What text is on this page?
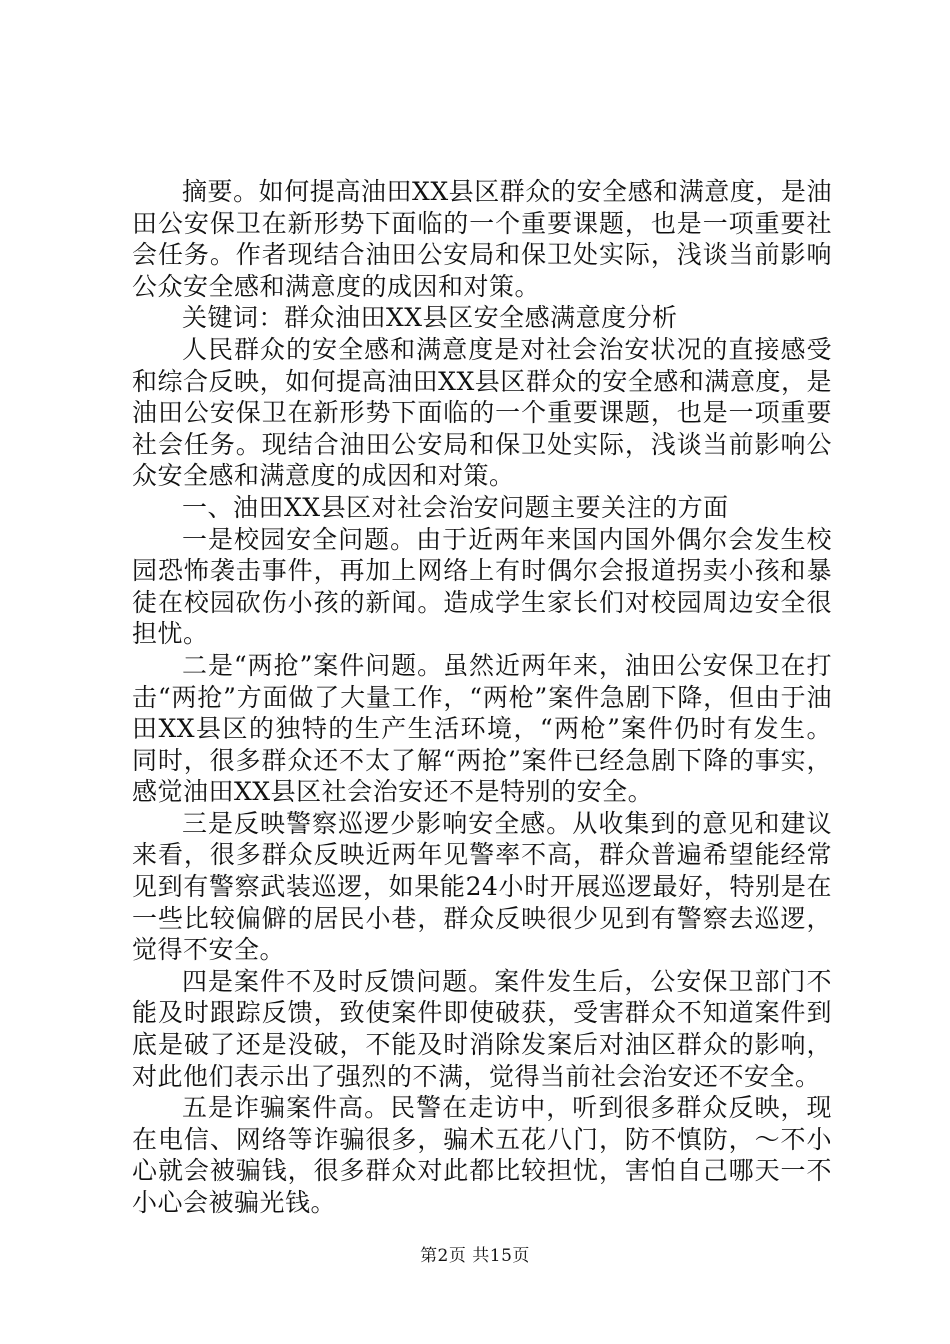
摘要。如何提高油田XX县区群众的安全感和满意度，是油田公安保卫在新形势下面临的一个重要课题，也是一项重要社会任务。作者现结合油田公安局和保卫处实际，浅谈当前影响公众安全感和满意度的成因和对策。

关键词：群众油田XX县区安全感满意度分析

人民群众的安全感和满意度是对社会治安状况的直接感受和综合反映，如何提高油田XX县区群众的安全感和满意度，是油田公安保卫在新形势下面临的一个重要课题，也是一项重要社会任务。现结合油田公安局和保卫处实际，浅谈当前影响公众安全感和满意度的成因和对策。

一、油田XX县区对社会治安问题主要关注的方面

一是校园安全问题。由于近两年来国内国外偶尔会发生校园恐怖袭击事件，再加上网络上有时偶尔会报道拐卖小孩和暴徒在校园砍伤小孩的新闻。造成学生家长们对校园周边安全很担忧。

二是“两抢”案件问题。虽然近两年来，油田公安保卫在打击“两抢”方面做了大量工作，“两枪”案件急剧下降，但由于油田XX县区的独特的生产生活环境，“两枪”案件仍时有发生。同时，很多群众还不太了解“两抢”案件已经急剧下降的事实，感觉油田XX县区社会治安还不是特别的安全。

三是反映警察巡逻少影响安全感。从收集到的意见和建议来看，很多群众反映近两年见警率不高，群众普遍希望能经常见到有警察武装巡逻，如果能24小时开展巡逻最好，特别是在一些比较偏僻的居民小巷，群众反映很少见到有警察去巡逻，觉得不安全。

四是案件不及时反馈问题。案件发生后，公安保卫部门不能及时跟踪反馈，致使案件即使破获，受害群众不知道案件到底是破了还是没破，不能及时消除发案后对油区群众的影响，对此他们表示出了强烈的不满，觉得当前社会治安还不安全。

五是诈骗案件高。民警在走访中，听到很多群众反映，现在电信、网络等诈骗很多，骗术五花八门，防不慎防，～不小心就会被骗钱，很多群众对此都比较担忧，害怕自己哪天一不小心会被骗光钱。

第2页 共15页
